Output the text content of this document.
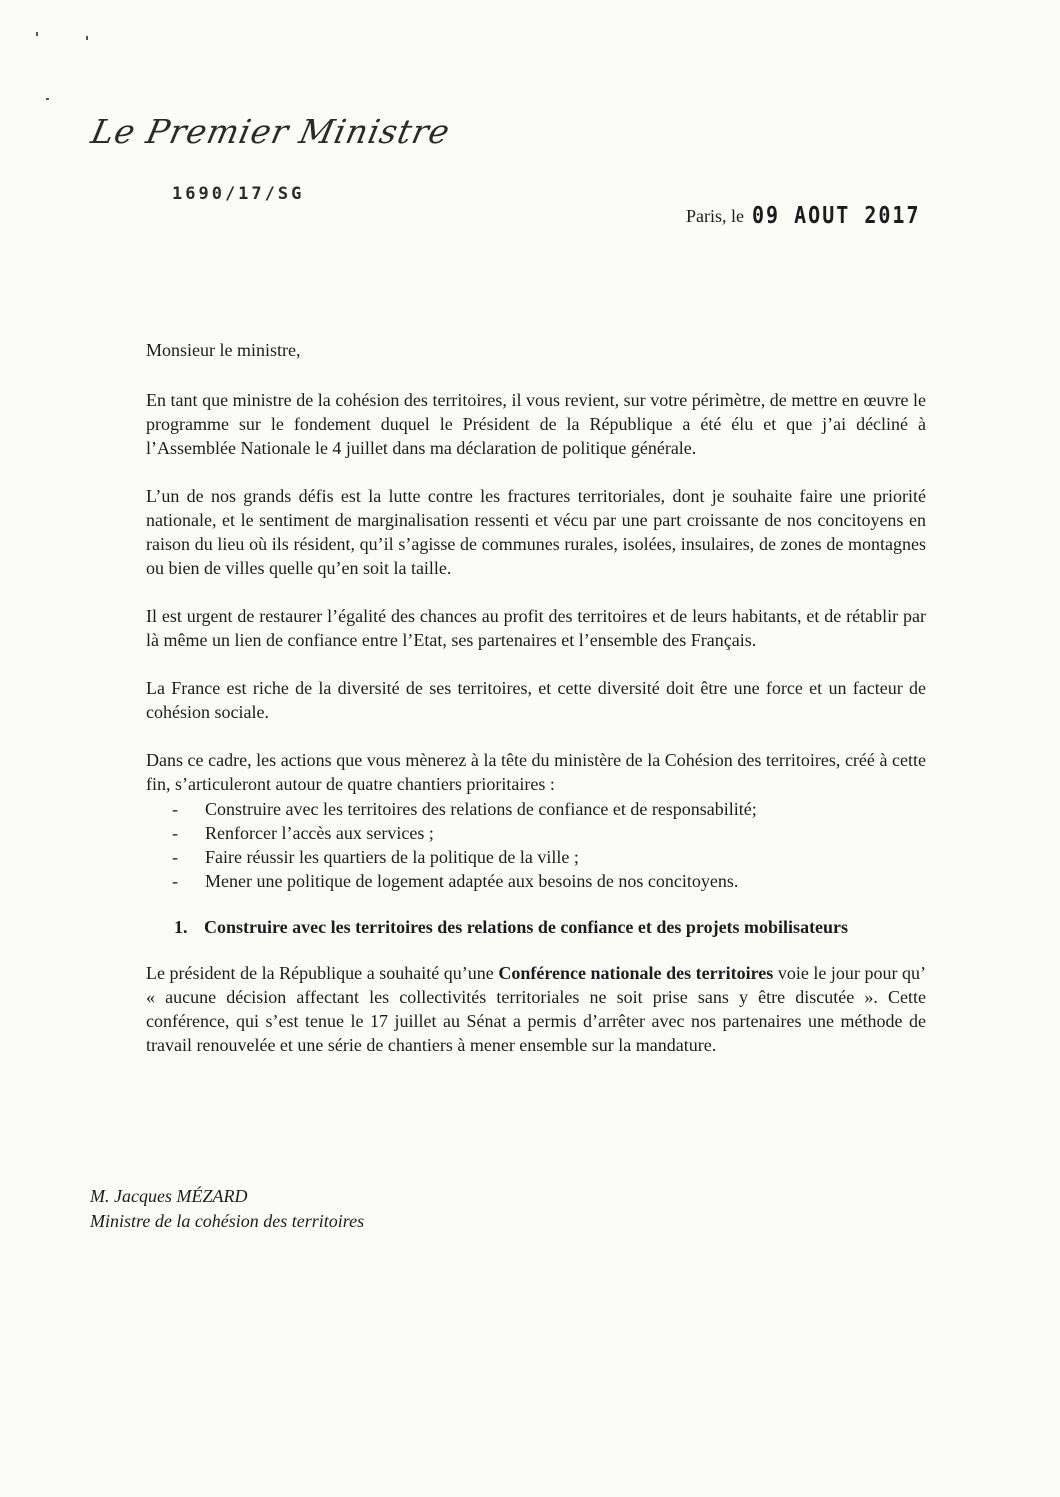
Le Premier Ministre
1690/17/SG
Paris, le 09 AOUT 2017
Monsieur le ministre,

En tant que ministre de la cohésion des territoires, il vous revient, sur votre périmètre, de mettre en œuvre le programme sur le fondement duquel le Président de la République a été élu et que j’ai décliné à l’Assemblée Nationale le 4 juillet dans ma déclaration de politique générale.

L’un de nos grands défis est la lutte contre les fractures territoriales, dont je souhaite faire une priorité nationale, et le sentiment de marginalisation ressenti et vécu par une part croissante de nos concitoyens en raison du lieu où ils résident, qu’il s’agisse de communes rurales, isolées, insulaires, de zones de montagnes ou bien de villes quelle qu’en soit la taille.

Il est urgent de restaurer l’égalité des chances au profit des territoires et de leurs habitants, et de rétablir par là même un lien de confiance entre l’Etat, ses partenaires et l’ensemble des Français.

La France est riche de la diversité de ses territoires, et cette diversité doit être une force et un facteur de cohésion sociale.

Dans ce cadre, les actions que vous mènerez à la tête du ministère de la Cohésion des territoires, créé à cette fin, s’articuleront autour de quatre chantiers prioritaires :

- Construire avec les territoires des relations de confiance et de responsabilité;
- Renforcer l’accès aux services ;
- Faire réussir les quartiers de la politique de la ville ;
- Mener une politique de logement adaptée aux besoins de nos concitoyens.
1. Construire avec les territoires des relations de confiance et des projets mobilisateurs

Le président de la République a souhaité qu’une Conférence nationale des territoires voie le jour pour qu’ « aucune décision affectant les collectivités territoriales ne soit prise sans y être discutée ». Cette conférence, qui s’est tenue le 17 juillet au Sénat a permis d’arrêter avec nos partenaires une méthode de travail renouvelée et une série de chantiers à mener ensemble sur la mandature.

M. Jacques MÉZARD
Ministre de la cohésion des territoires
